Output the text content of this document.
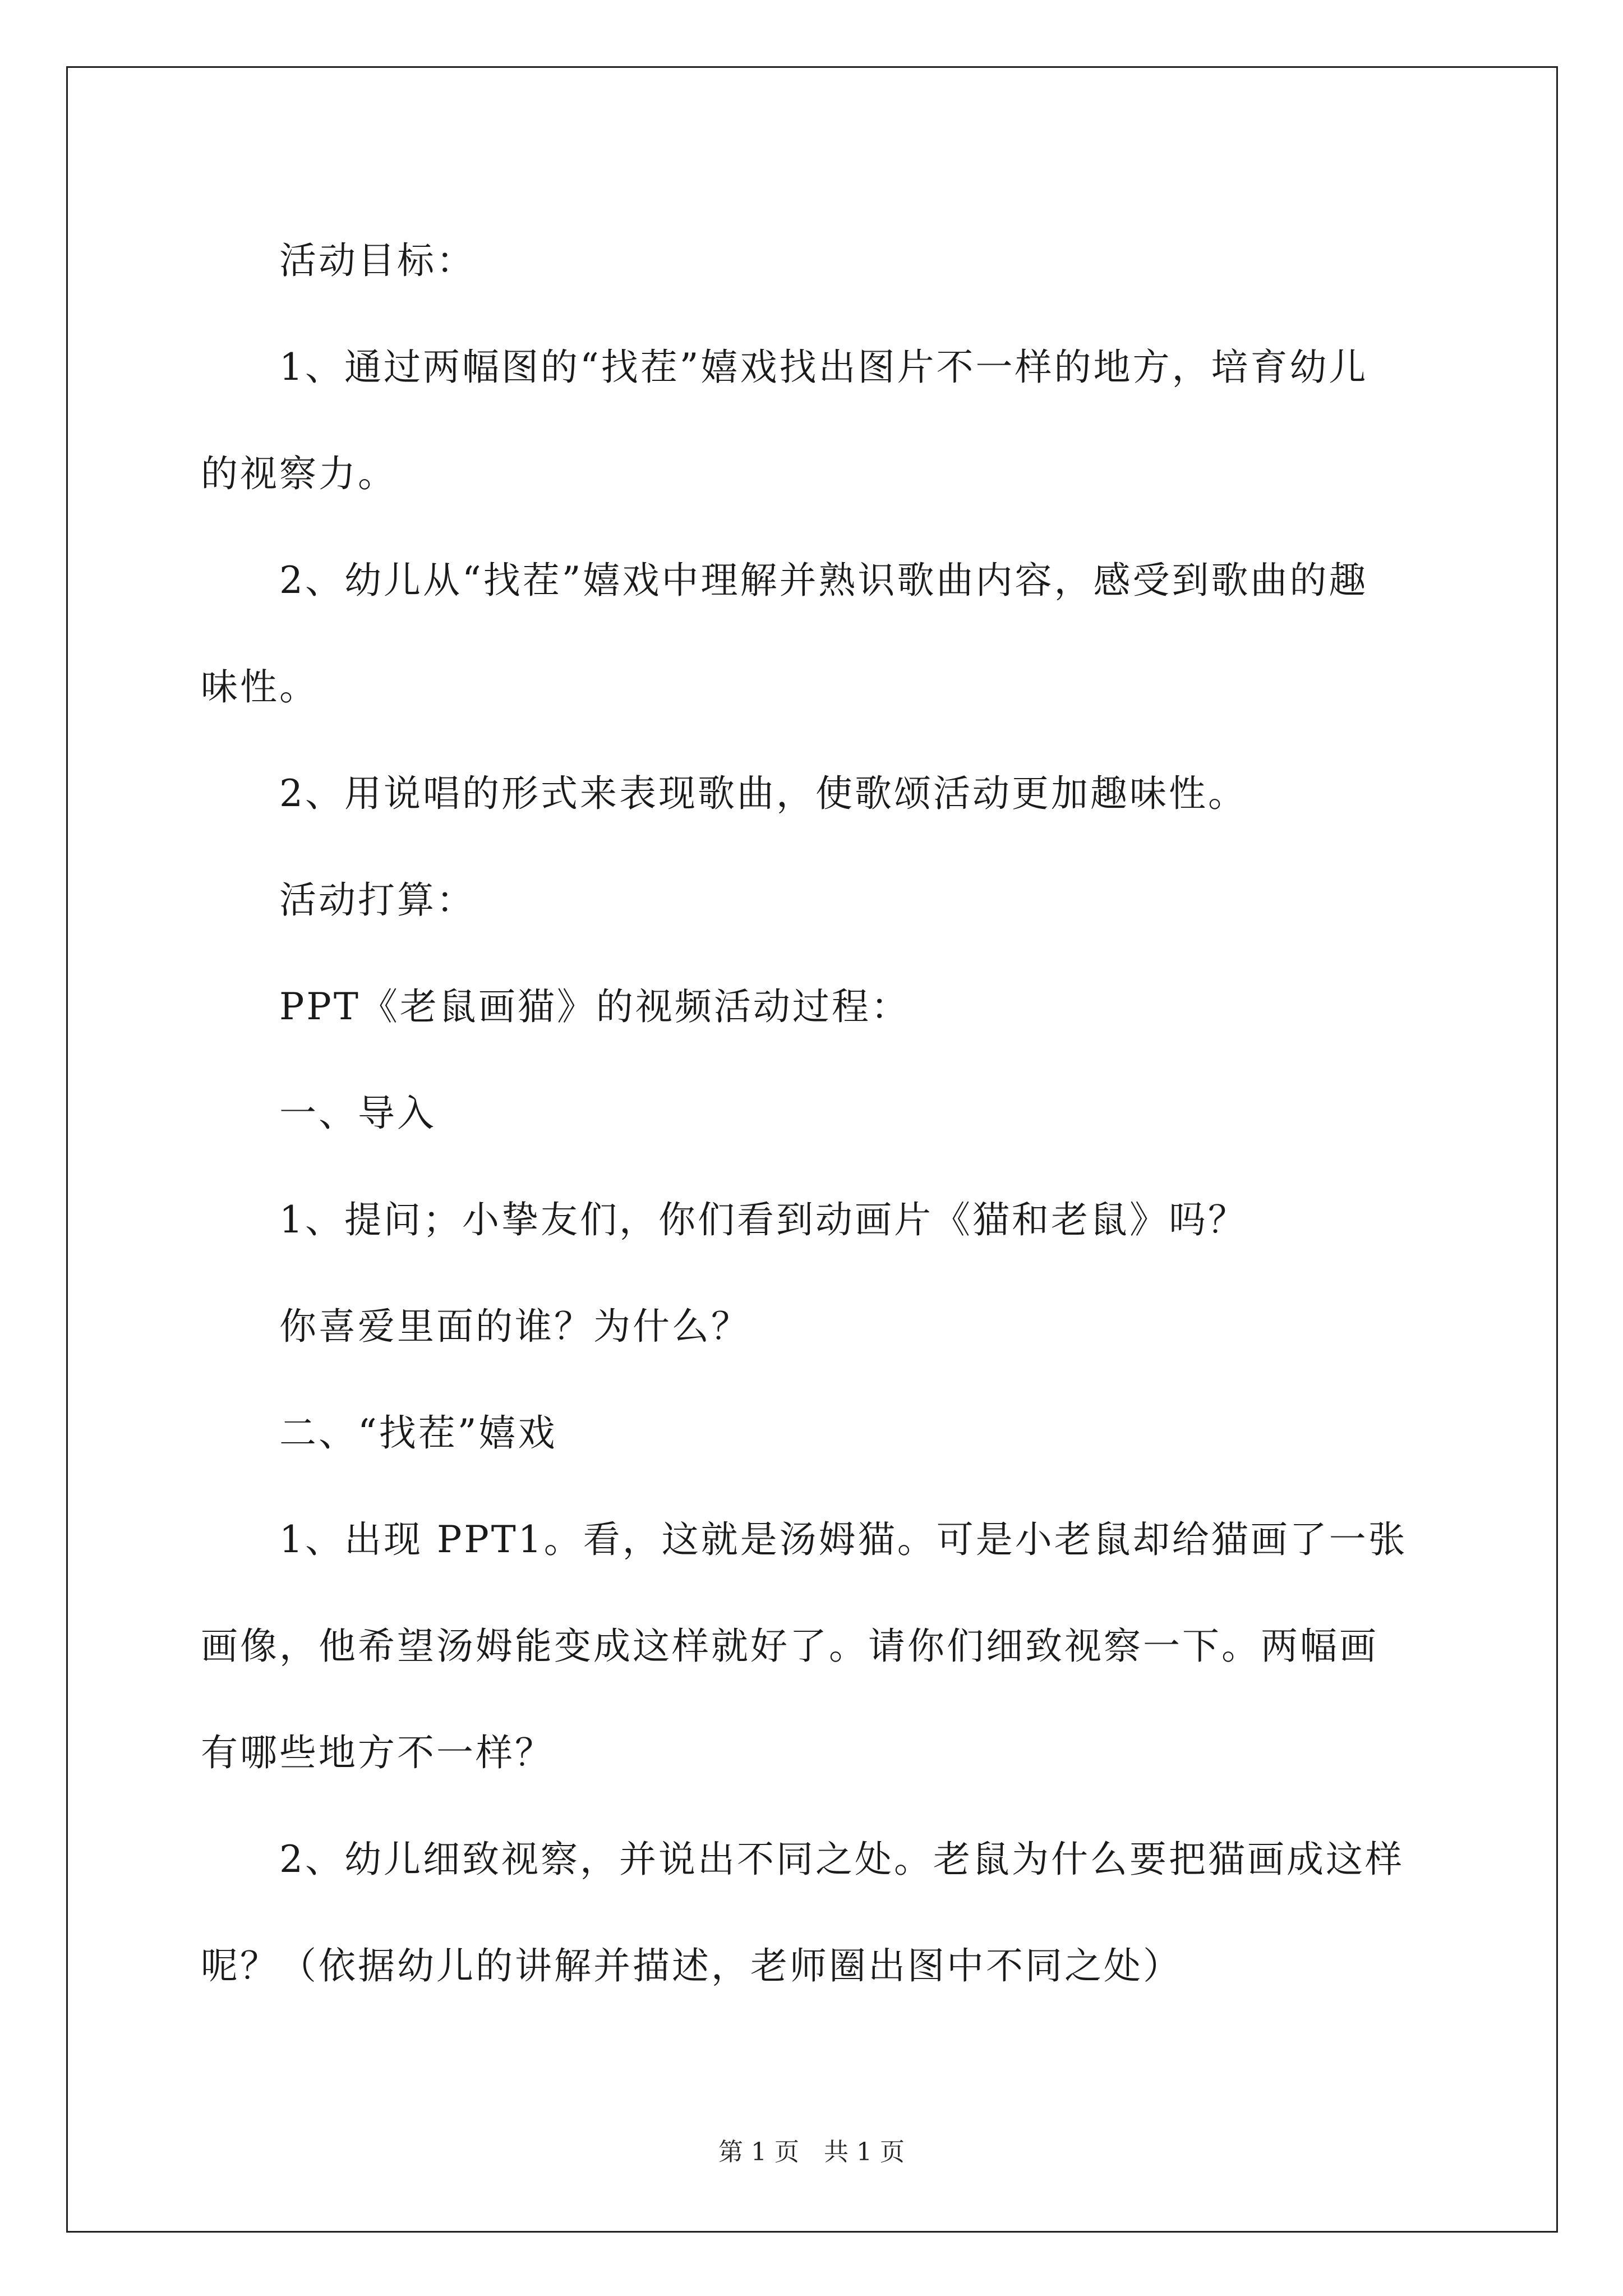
活动目标：

1、通过两幅图的“找茬”嬉戏找出图片不一样的地方，培育幼儿

的视察力。

2、幼儿从“找茬”嬉戏中理解并熟识歌曲内容，感受到歌曲的趣

味性。

2、用说唱的形式来表现歌曲，使歌颂活动更加趣味性。

活动打算：

PPT《老鼠画猫》的视频活动过程：

一、导入

1、提问；小挚友们，你们看到动画片《猫和老鼠》吗？

你喜爱里面的谁？为什么？

二、“找茬”嬉戏

1、出现 PPT1。看，这就是汤姆猫。可是小老鼠却给猫画了一张

画像，他希望汤姆能变成这样就好了。请你们细致视察一下。两幅画

有哪些地方不一样？

2、幼儿细致视察，并说出不同之处。老鼠为什么要把猫画成这样

呢？（依据幼儿的讲解并描述，老师圈出图中不同之处）

第 1 页　共 1 页
